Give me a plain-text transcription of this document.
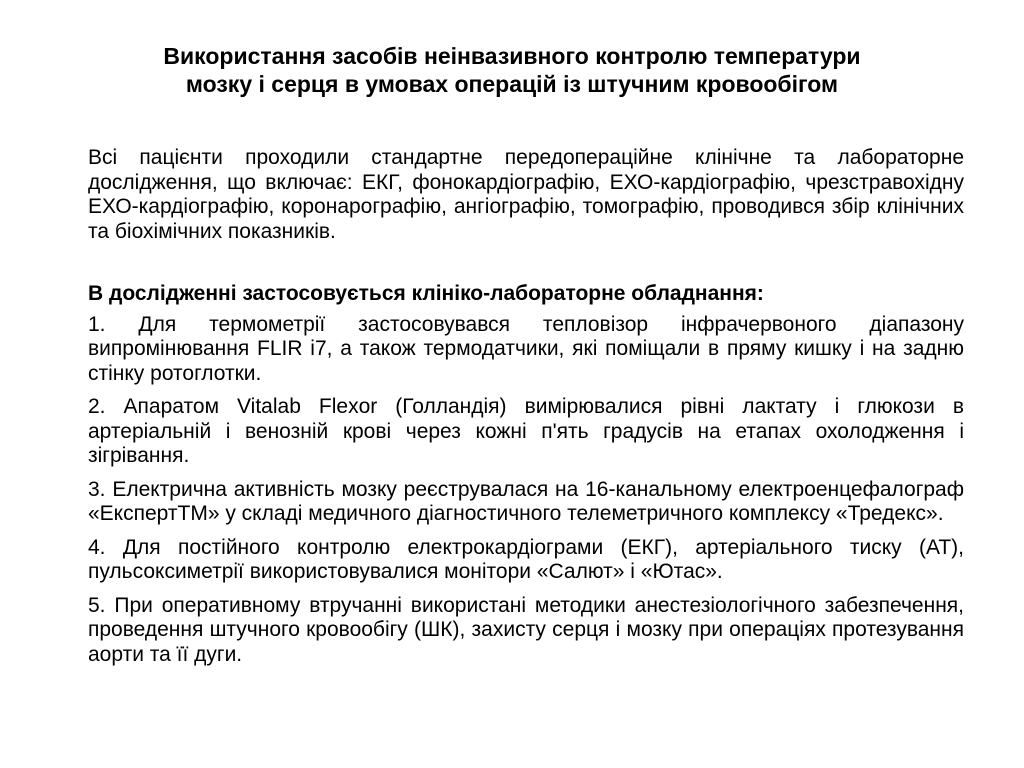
Використання засобів неінвазивного контролю температури
мозку і серця в умовах операцій із штучним кровообігом

Всі пацієнти проходили стандартне передопераційне клінічне та лабораторне дослідження, що включає: ЕКГ, фонокардіографію, ЕХО-кардіографію, чрезстравохідну ЕХО-кардіографію, коронарографію, ангіографію, томографію, проводився збір клінічних та біохімічних показників.

В дослідженні застосовується клініко-лабораторне обладнання:

1. Для термометрії застосовувався тепловізор інфрачервоного діапазону випромінювання FLIR i7, а також термодатчики, які поміщали в пряму кишку і на задню стінку ротоглотки.

2. Апаратом Vitalab Flexor (Голландія) вимірювалися рівні лактату і глюкози в артеріальній і венозній крові через кожні п'ять градусів на етапах охолодження і зігрівання.

3. Електрична активність мозку реєструвалася на 16-канальному електроенцефалограф «ЕкспертТМ» у складі медичного діагностичного телеметричного комплексу «Тредекс».

4. Для постійного контролю електрокардіограми (ЕКГ), артеріального тиску (АТ), пульсоксиметрії використовувалися монітори «Салют» і «Ютас».

5. При оперативному втручанні використані методики анестезіологічного забезпечення, проведення штучного кровообігу (ШК), захисту серця і мозку при операціях протезування аорти та її дуги.
